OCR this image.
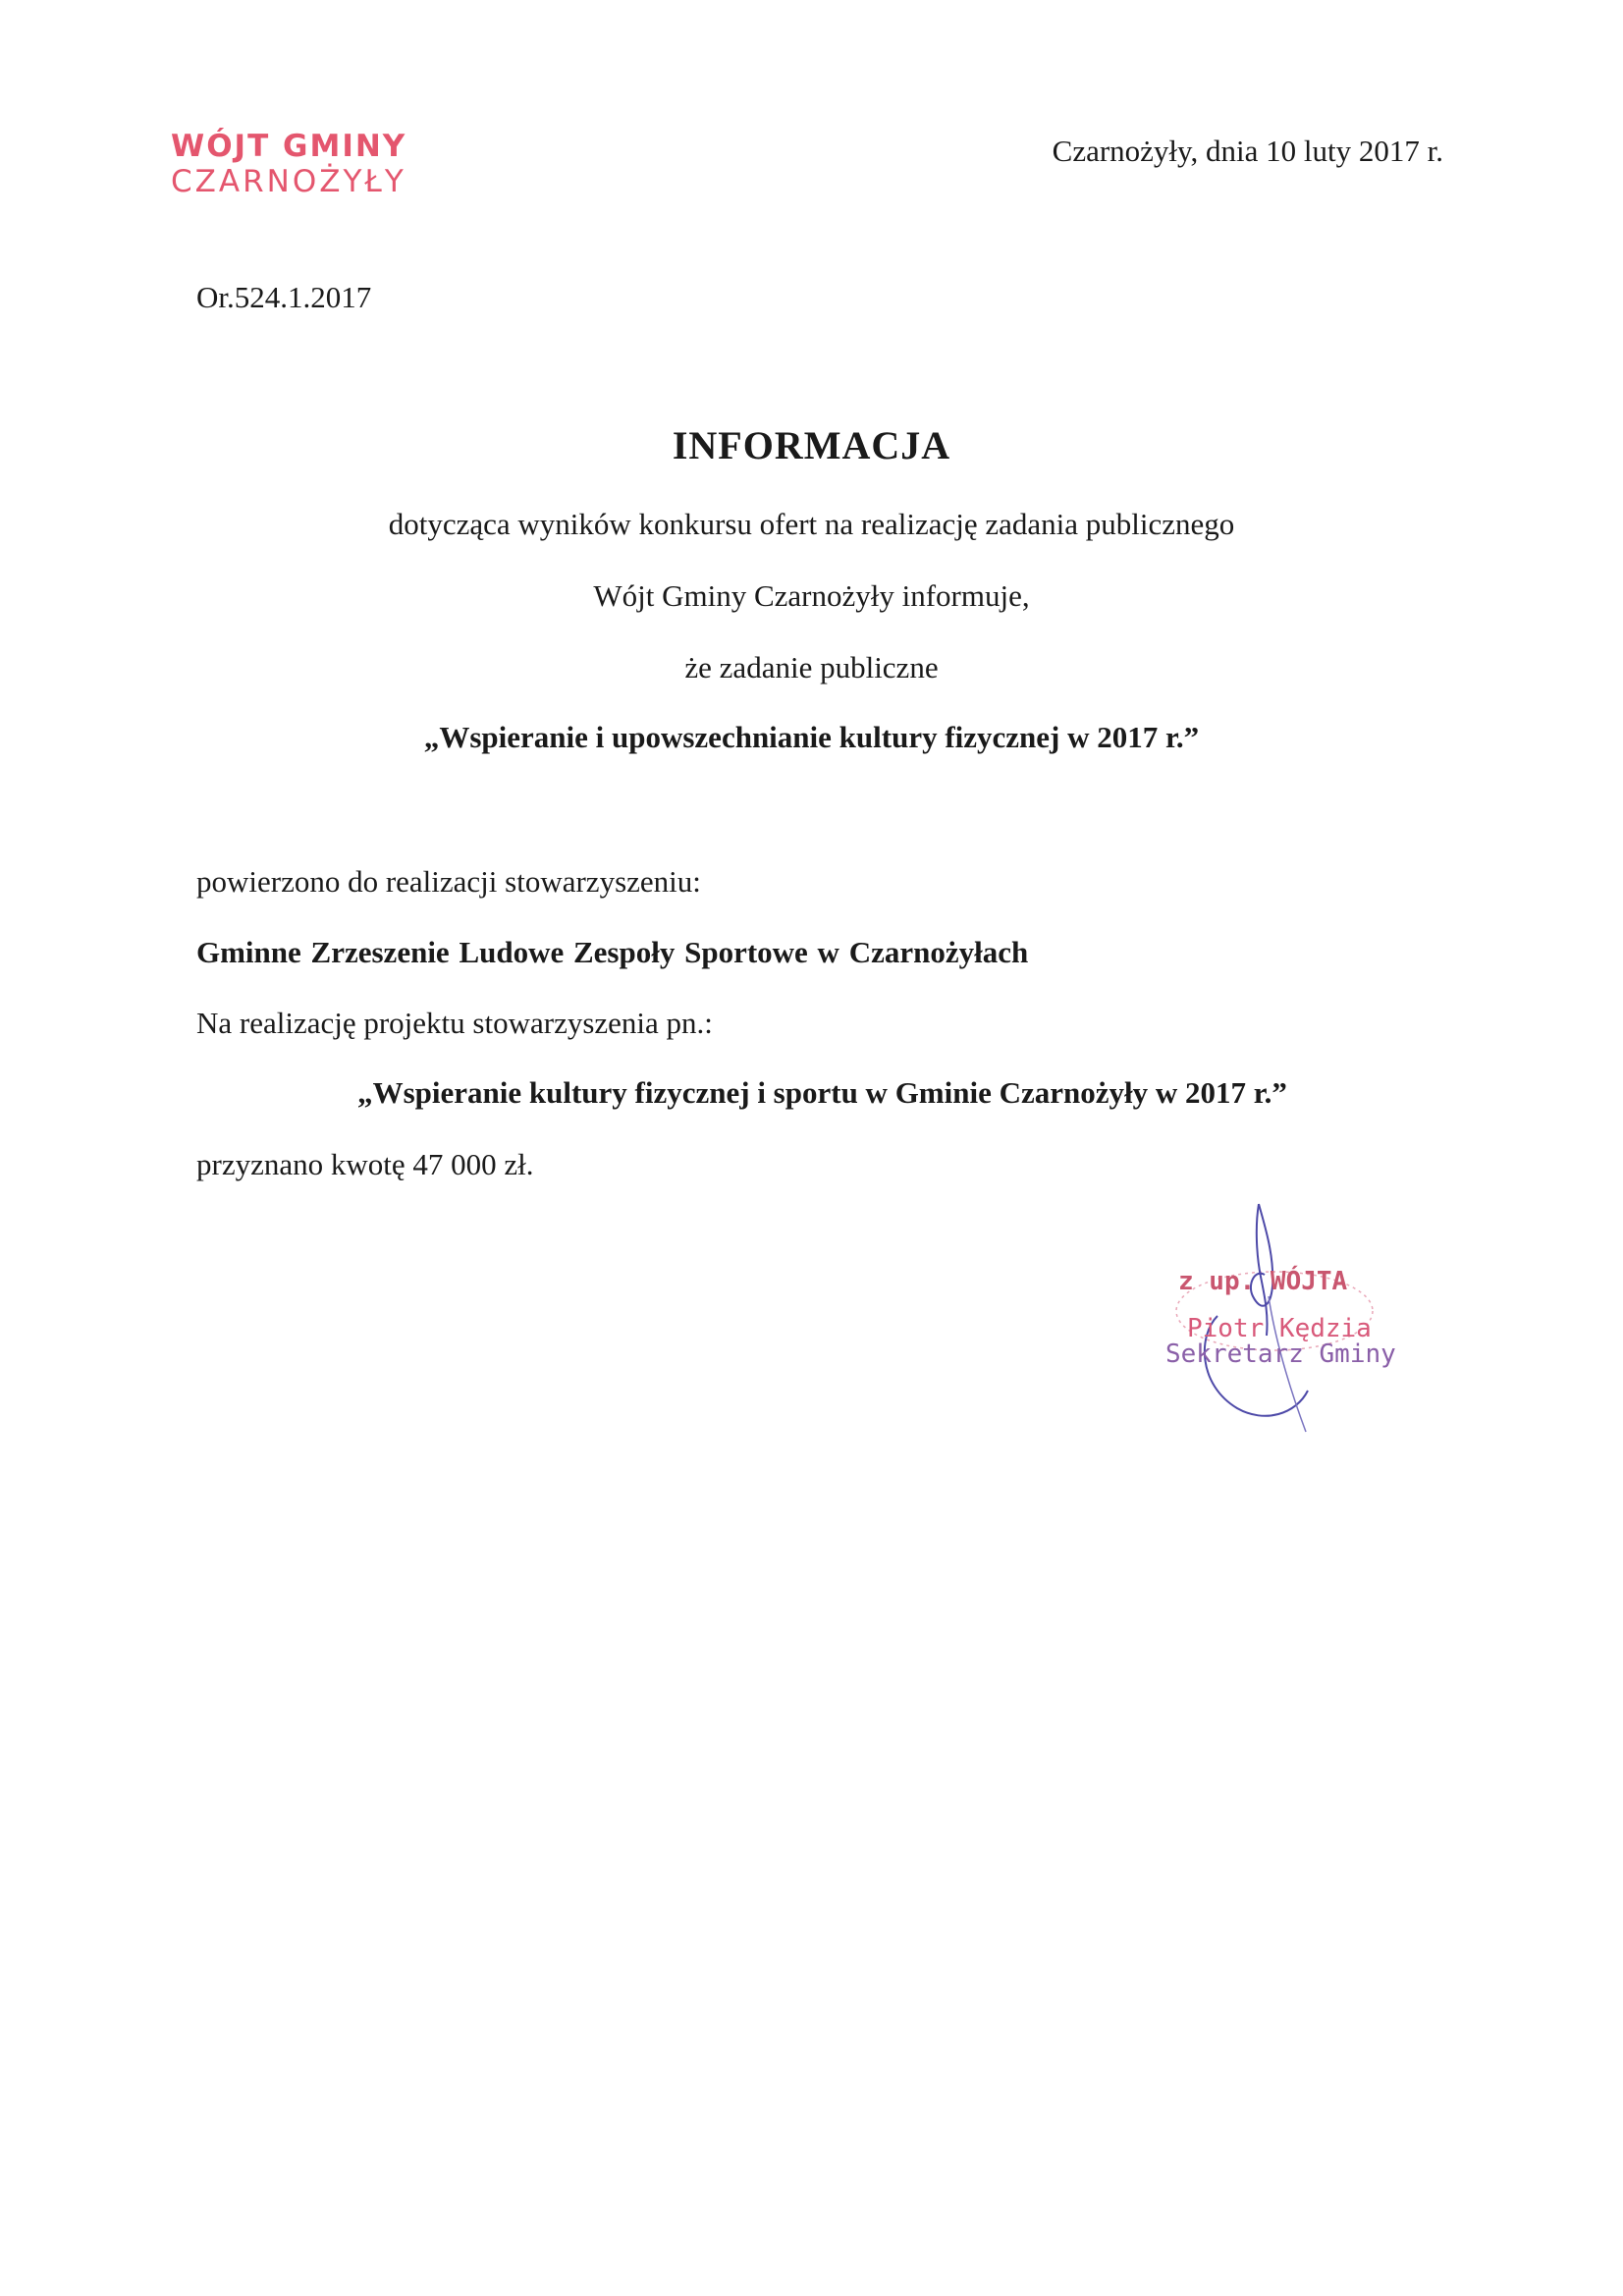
WÓJT GMINY
CZARNOŻYŁY
Czarnożyły, dnia 10 luty 2017 r.
Or.524.1.2017
INFORMACJA
dotycząca wyników konkursu ofert na realizację zadania publicznego
Wójt Gminy Czarnożyły informuje,
że zadanie publiczne
„Wspieranie i upowszechnianie kultury fizycznej w 2017 r.”
powierzono do realizacji stowarzyszeniu:
Gminne Zrzeszenie Ludowe Zespoły Sportowe w Czarnożyłach
Na realizację projektu stowarzyszenia pn.:
„Wspieranie kultury fizycznej i sportu w Gminie Czarnożyły w 2017 r.”
przyznano kwotę 47 000 zł.
z up. WÓJTA
Piotr Kędzia
Sekretarz Gminy
